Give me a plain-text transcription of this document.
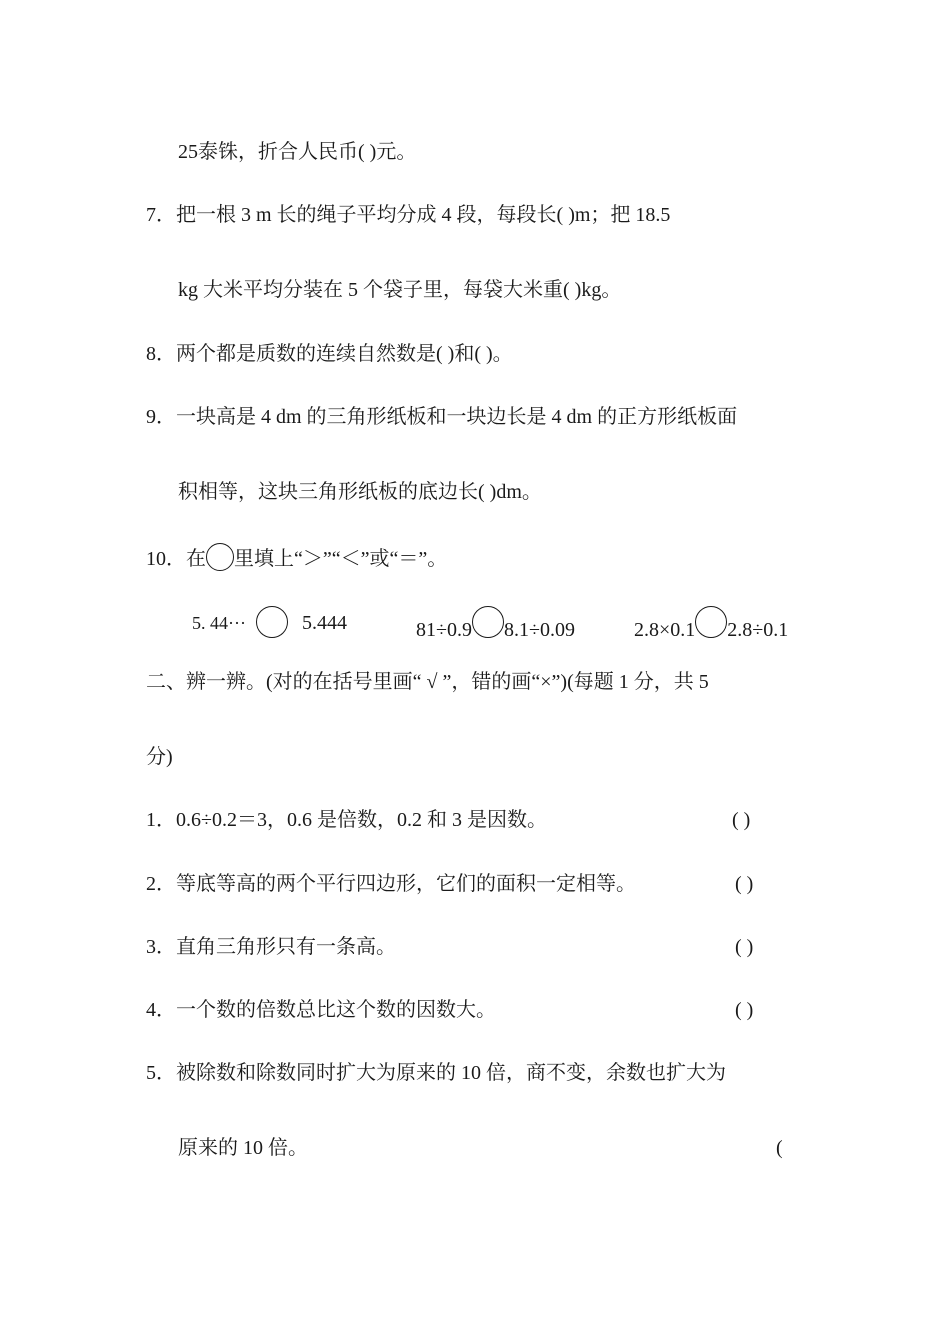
25泰铢，折合人民币( )元。
7．把一根 3 m 长的绳子平均分成 4 段，每段长( )m；把 18.5
kg 大米平均分装在 5 个袋子里，每袋大米重( )kg。
8．两个都是质数的连续自然数是( )和( )。
9．一块高是 4 dm 的三角形纸板和一块边长是 4 dm 的正方形纸板面
积相等，这块三角形纸板的底边长( )dm。
10．在 里填上“＞”“＜”或“＝”。
5. 44···	5.444	81÷0.9 8.1÷0.09	2.8×0.1 2.8÷0.1
二、辨一辨。(对的在括号里画“ √ ”，错的画“×”)(每题 1 分，共 5
分)
1．0.6÷0.2＝3，0.6 是倍数，0.2 和 3 是因数。	( )
2．等底等高的两个平行四边形，它们的面积一定相等。	( )
3．直角三角形只有一条高。	( )
4．一个数的倍数总比这个数的因数大。	( )
5．被除数和除数同时扩大为原来的 10 倍，商不变，余数也扩大为
原来的 10 倍。	(
